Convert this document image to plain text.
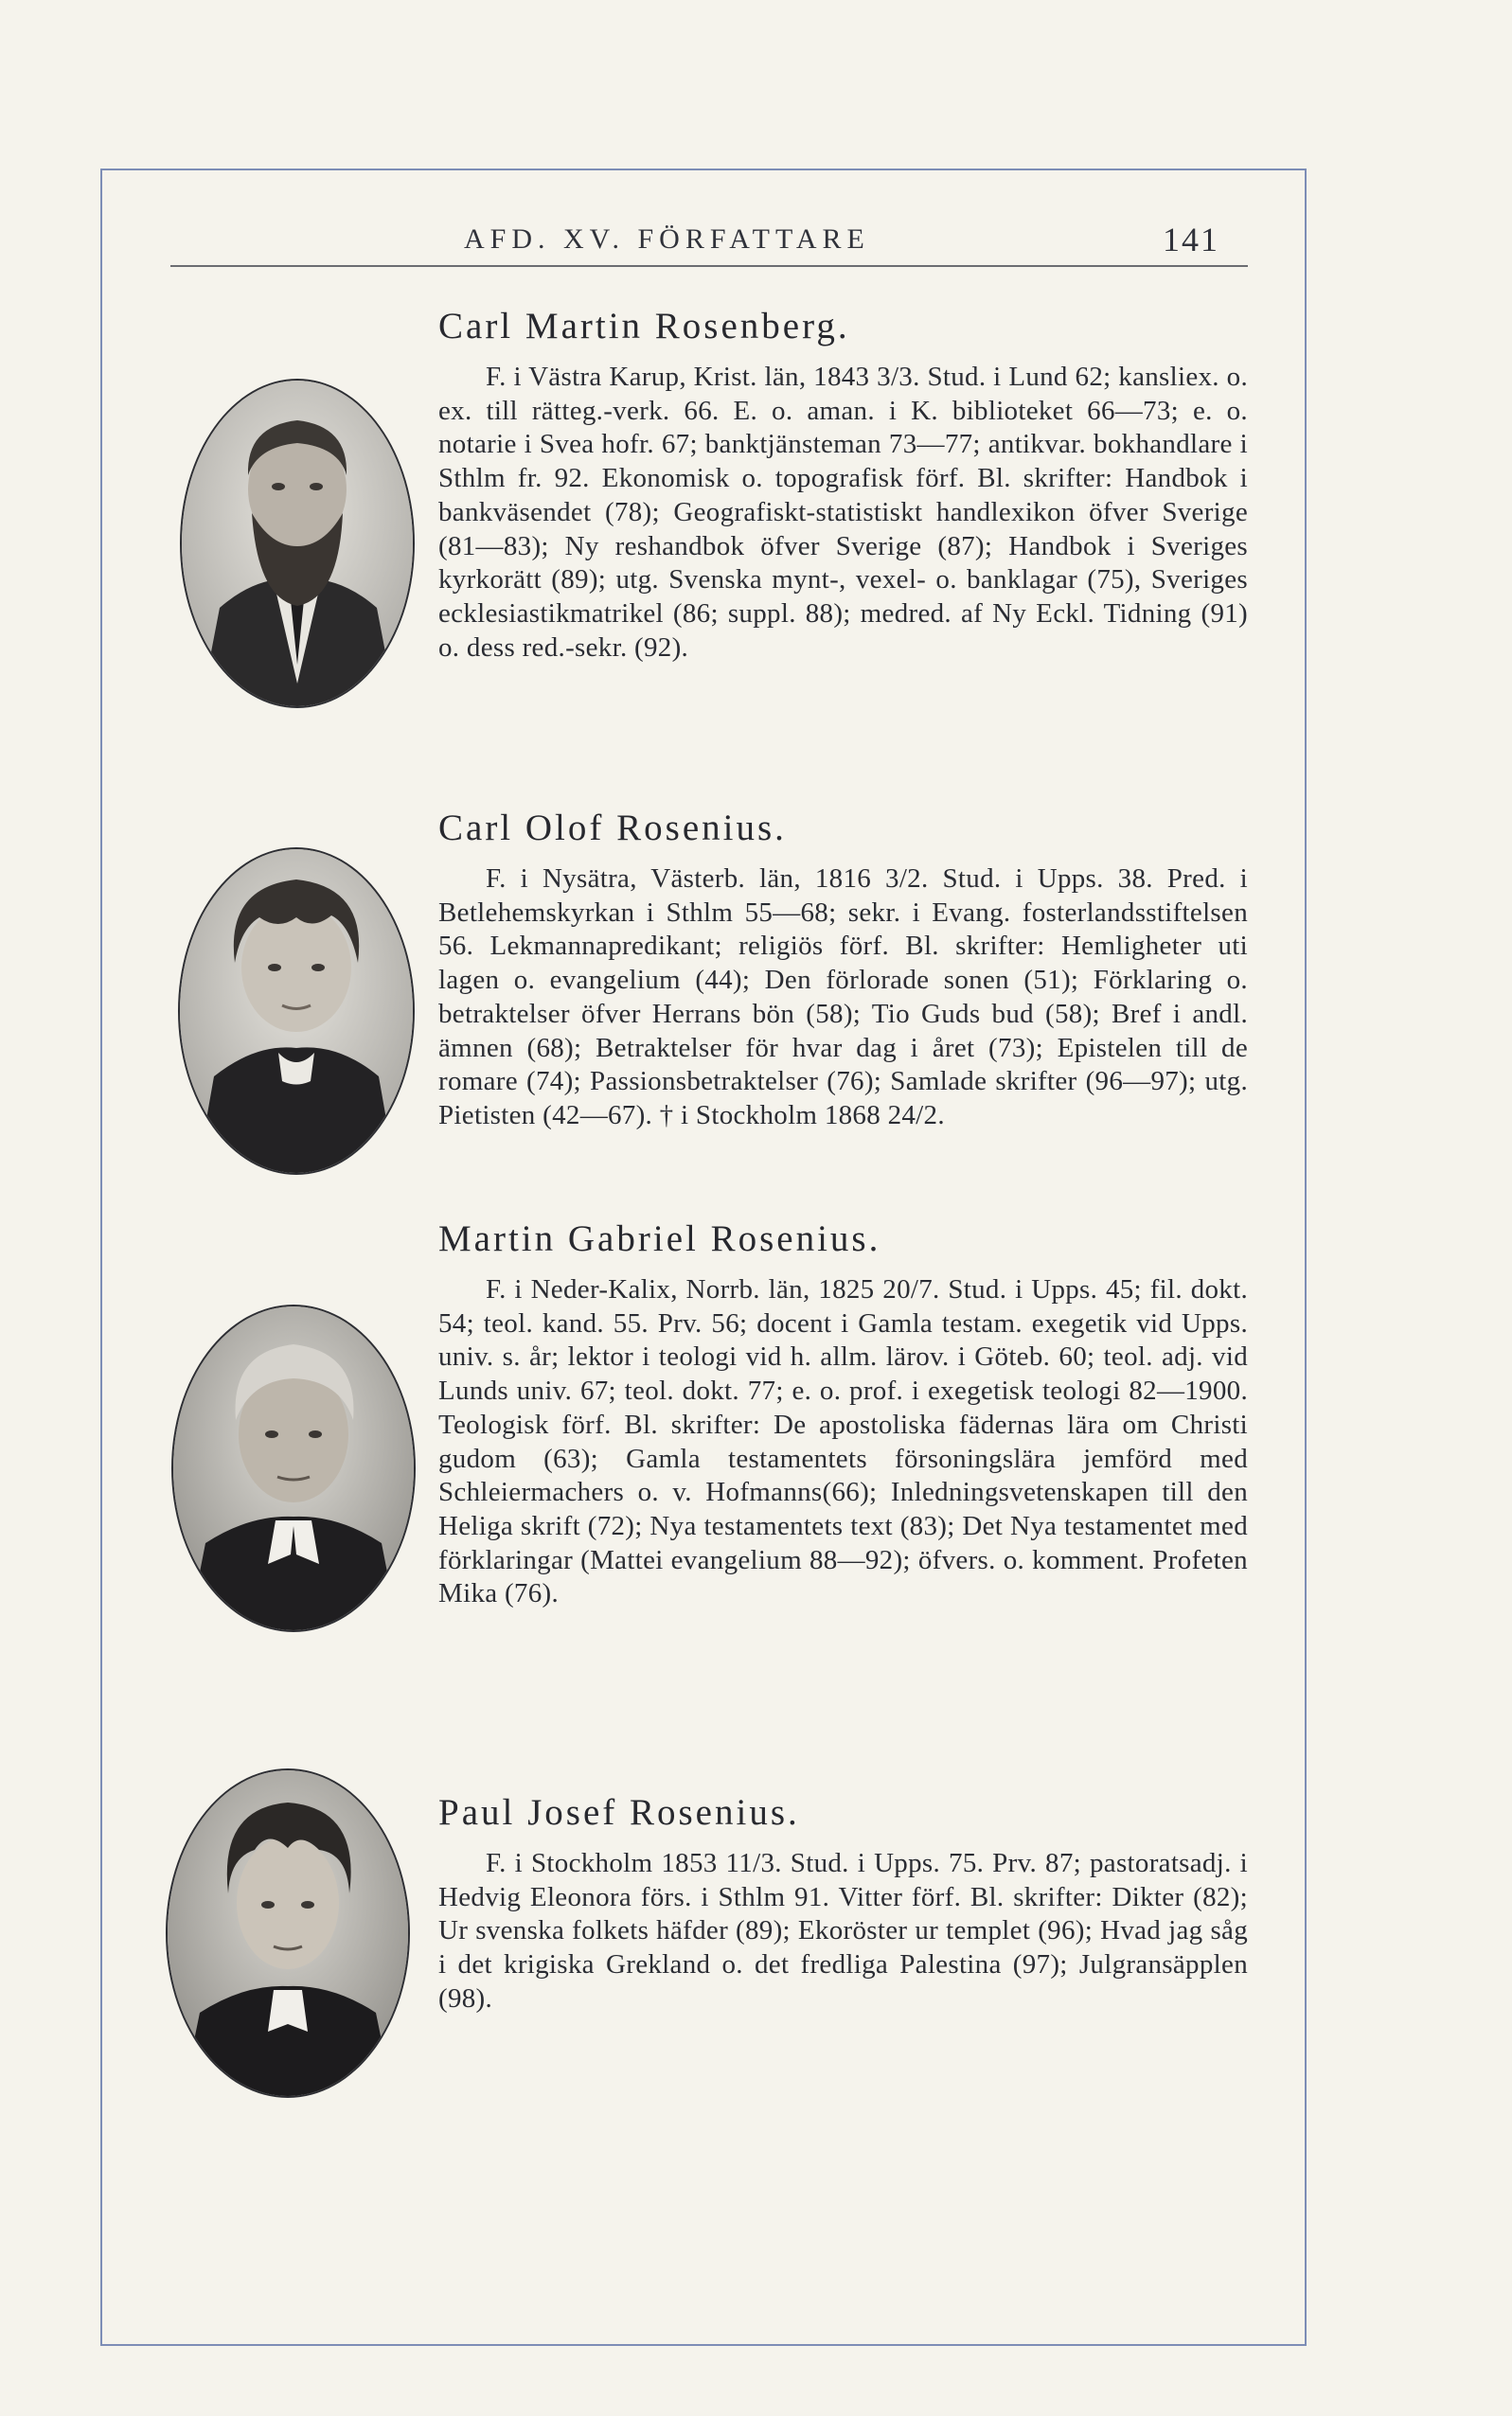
AFD. XV. FÖRFATTARE	141
Carl Martin Rosenberg.

F. i Västra Karup, Krist. län, 1843 3/3. Stud. i Lund 62; kansliex. o. ex. till rätteg.-verk. 66. E. o. aman. i K. biblioteket 66—73; e. o. notarie i Svea hofr. 67; banktjänsteman 73—77; antikvar. bokhandlare i Sthlm fr. 92. Ekonomisk o. topografisk förf. Bl. skrifter: Handbok i bankväsendet (78); Geografiskt-statistiskt handlexikon öfver Sverige (81—83); Ny reshandbok öfver Sverige (87); Handbok i Sveriges kyrkorätt (89); utg. Svenska mynt-, vexel- o. banklagar (75), Sveriges ecklesiastikmatrikel (86; suppl. 88); medred. af Ny Eckl. Tidning (91) o. dess red.-sekr. (92).

Carl Olof Rosenius.

F. i Nysätra, Västerb. län, 1816 3/2. Stud. i Upps. 38. Pred. i Betlehemskyrkan i Sthlm 55—68; sekr. i Evang. fosterlandsstiftelsen 56. Lekmannapredikant; religiös förf. Bl. skrifter: Hemligheter uti lagen o. evangelium (44); Den förlorade sonen (51); Förklaring o. betraktelser öfver Herrans bön (58); Tio Guds bud (58); Bref i andl. ämnen (68); Betraktelser för hvar dag i året (73); Epistelen till de romare (74); Passionsbetraktelser (76); Samlade skrifter (96—97); utg. Pietisten (42—67). † i Stockholm 1868 24/2.

Martin Gabriel Rosenius.

F. i Neder-Kalix, Norrb. län, 1825 20/7. Stud. i Upps. 45; fil. dokt. 54; teol. kand. 55. Prv. 56; docent i Gamla testam. exegetik vid Upps. univ. s. år; lektor i teologi vid h. allm. lärov. i Göteb. 60; teol. adj. vid Lunds univ. 67; teol. dokt. 77; e. o. prof. i exegetisk teologi 82—1900. Teologisk förf. Bl. skrifter: De apostoliska fädernas lära om Christi gudom (63); Gamla testamentets försoningslära jemförd med Schleiermachers o. v. Hofmanns(66); Inledningsvetenskapen till den Heliga skrift (72); Nya testamentets text (83); Det Nya testamentet med förklaringar (Mattei evangelium 88—92); öfvers. o. komment. Profeten Mika (76).

Paul Josef Rosenius.

F. i Stockholm 1853 11/3. Stud. i Upps. 75. Prv. 87; pastoratsadj. i Hedvig Eleonora förs. i Sthlm 91. Vitter förf. Bl. skrifter: Dikter (82); Ur svenska folkets häfder (89); Ekoröster ur templet (96); Hvad jag såg i det krigiska Grekland o. det fredliga Palestina (97); Julgransäpplen (98).
